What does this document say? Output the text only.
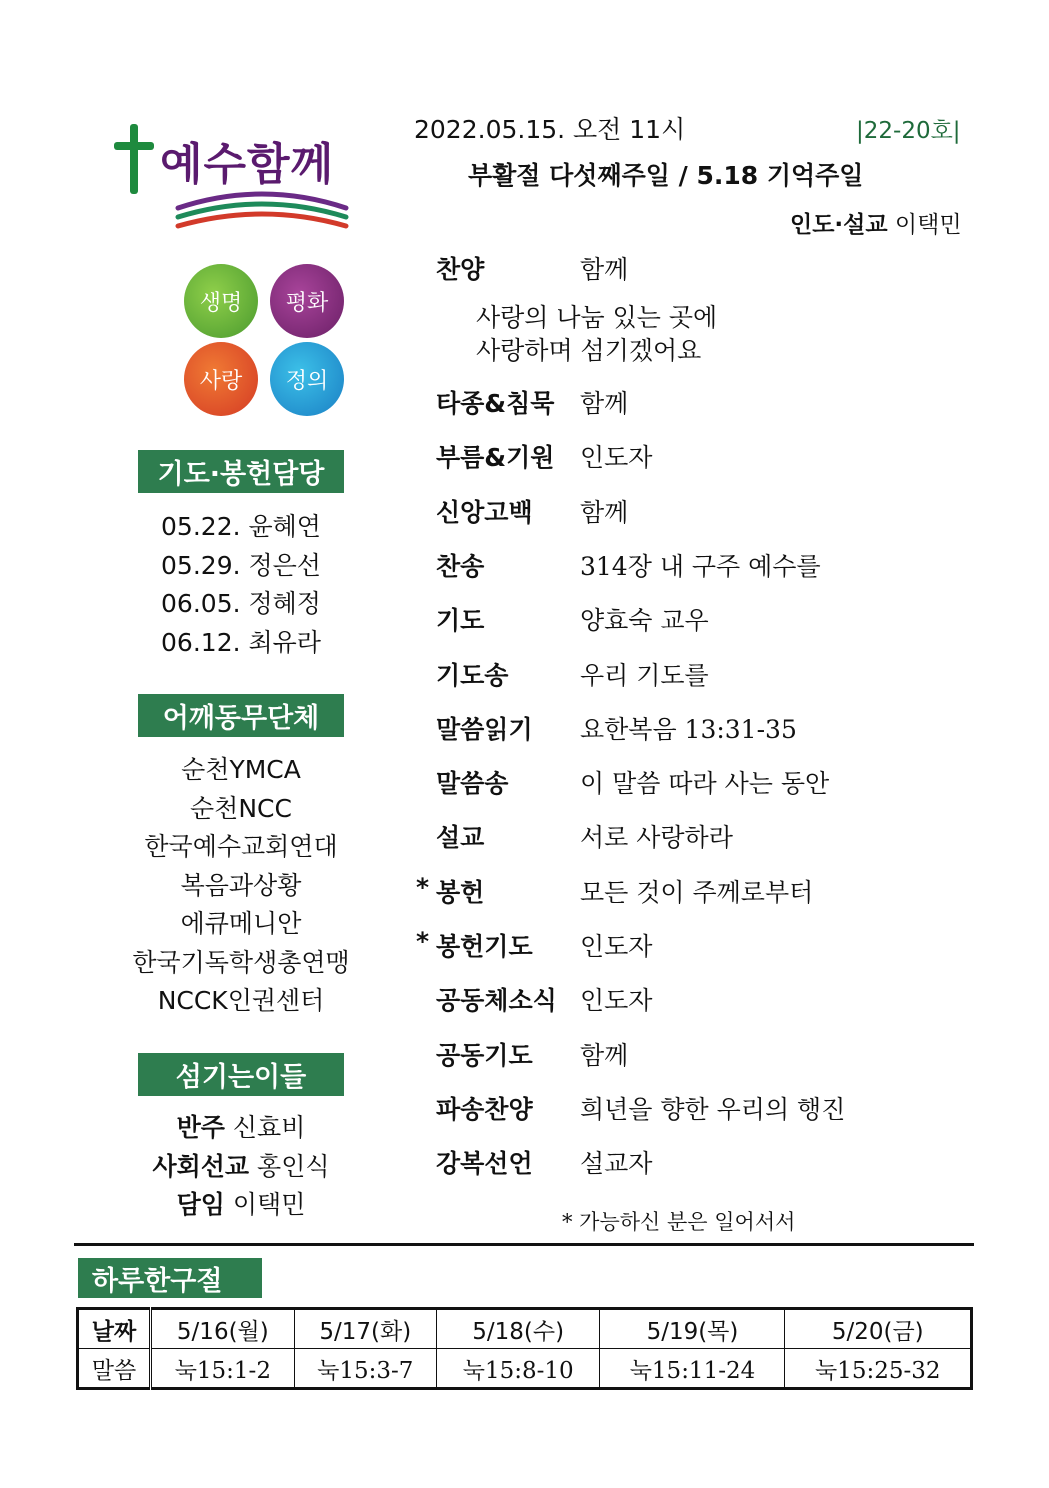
예수함께
생명	평화
사랑	정의
기도·봉헌담당
05.22. 윤혜연
05.29. 정은선
06.05. 정혜정
06.12. 최유라
어깨동무단체
순천YMCA
순천NCC
한국예수교회연대
복음과상황
에큐메니안
한국기독학생총연맹
NCCK인권센터
섬기는이들
반주 신효비
사회선교 홍인식
담임 이택민
2022.05.15. 오전 11시	|22-20호|
부활절 다섯째주일 / 5.18 기억주일
인도·설교 이택민
찬양	함께
사랑의 나눔 있는 곳에
사랑하며 섬기겠어요
타종&침묵 함께
부름&기원 인도자
신앙고백 함께
찬송	314장 내 구주 예수를
기도	양효숙 교우
기도송	우리 기도를
말씀읽기 요한복음 13:31-35
말씀송	이 말씀 따라 사는 동안
설교	서로 사랑하라
* 봉헌	모든 것이 주께로부터
* 봉헌기도 인도자
공동체소식 인도자
공동기도 함께
파송찬양 희년을 향한 우리의 행진
강복선언 설교자
* 가능하신 분은 일어서서
하루한구절
날짜	5/16(월)	5/17(화)	5/18(수)	5/19(목)	5/20(금)
말씀	눅15:1-2	눅15:3-7	눅15:8-10	눅15:11-24	눅15:25-32
